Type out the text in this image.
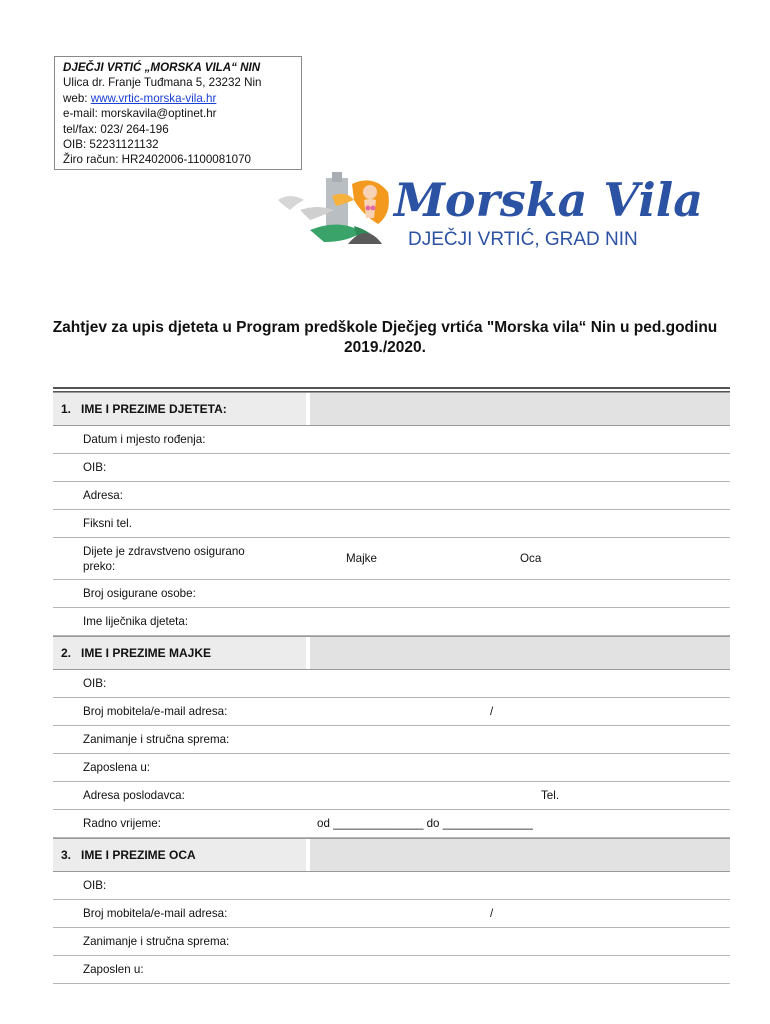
DJEČJI VRTIĆ „MORSKA VILA“ NIN
Ulica dr. Franje Tuđmana 5, 23232 Nin
web: www.vrtic-morska-vila.hr
e-mail: morskavila@optinet.hr
tel/fax: 023/ 264-196
OIB: 52231121132
Žiro račun: HR2402006-1100081070
Morska Vila
DJEČJI VRTIĆ, GRAD NIN
Zahtjev za upis djeteta u Program predškole Dječjeg vrtića "Morska vila“ Nin u ped.godinu
2019./2020.
1. IME I PREZIME DJETETA:
Datum i mjesto rođenja:
OIB:
Adresa:
Fiksni tel.
Dijete je zdravstveno osigurano
preko:
Majke	Oca
Broj osigurane osobe:
Ime liječnika djeteta:
2. IME I PREZIME MAJKE
OIB:
Broj mobitela/e-mail adresa:	/
Zanimanje i stručna sprema:
Zaposlena u:
Adresa poslodavca:	Tel.
Radno vrijeme:	od ______________ do ______________
3. IME I PREZIME OCA
OIB:
Broj mobitela/e-mail adresa:	/
Zanimanje i stručna sprema:
Zaposlen u:
